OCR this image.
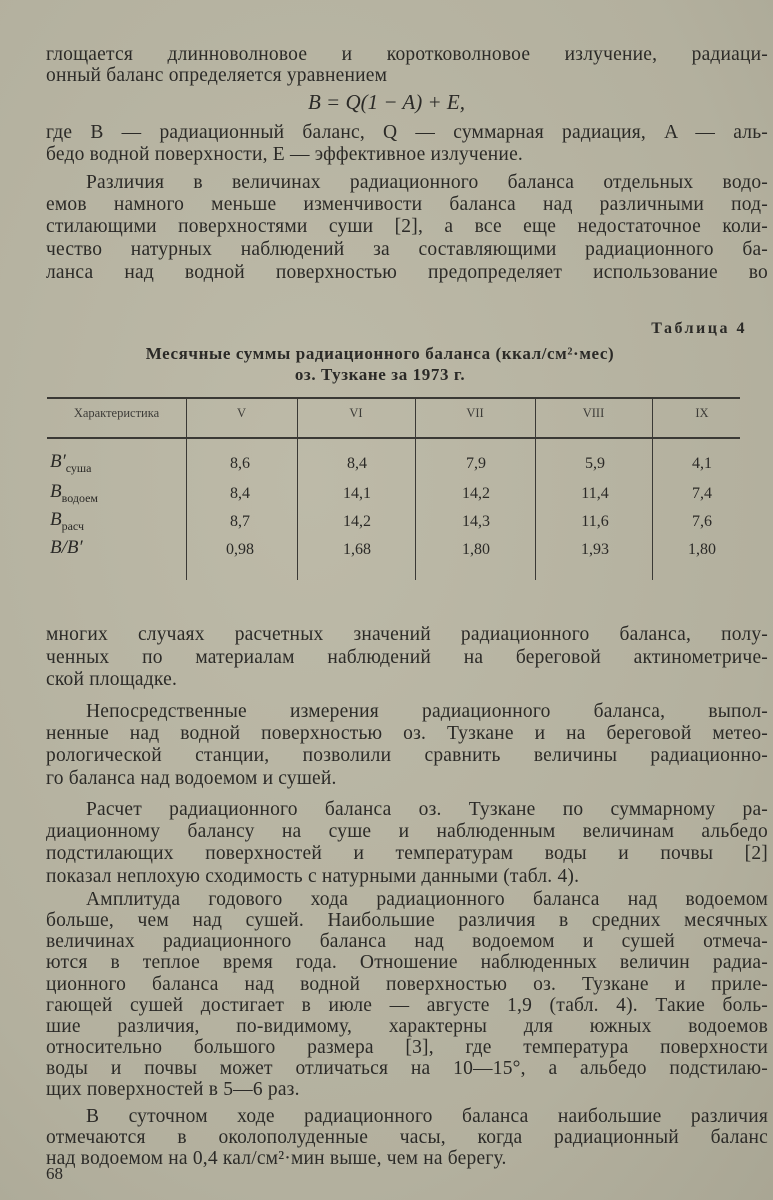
глощается длинноволновое и коротковолновое излучение, радиаци-
онный баланс определяется уравнением
где B — радиационный баланс, Q — суммарная радиация, A — аль-
бедо водной поверхности, E — эффективное излучение.
Различия в величинах радиационного баланса отдельных водо-
емов намного меньше изменчивости баланса над различными под-
стилающими поверхностями суши [2], а все еще недостаточное коли-
чество натурных наблюдений за составляющими радиационного ба-
ланса над водной поверхностью предопределяет использование во
многих случаях расчетных значений радиационного баланса, полу-
ченных по материалам наблюдений на береговой актинометриче-
ской площадке.
Непосредственные измерения радиационного баланса, выпол-
ненные над водной поверхностью оз. Тузкане и на береговой метео-
рологической станции, позволили сравнить величины радиационно-
го баланса над водоемом и сушей.
Расчет радиационного баланса оз. Тузкане по суммарному ра-
диационному балансу на суше и наблюденным величинам альбедо
подстилающих поверхностей и температурам воды и почвы [2]
показал неплохую сходимость с натурными данными (табл. 4).
Амплитуда годового хода радиационного баланса над водоемом
больше, чем над сушей. Наибольшие различия в средних месячных
величинах радиационного баланса над водоемом и сушей отмеча-
ются в теплое время года. Отношение наблюденных величин радиа-
ционного баланса над водной поверхностью оз. Тузкане и приле-
гающей сушей достигает в июле — августе 1,9 (табл. 4). Такие боль-
шие различия, по-видимому, характерны для южных водоемов
относительно большого размера [3], где температура поверхности
воды и почвы может отличаться на 10—15°, а альбедо подстилаю-
щих поверхностей в 5—6 раз.
В суточном ходе радиационного баланса наибольшие различия
отмечаются в околополуденные часы, когда радиационный баланс
над водоемом на 0,4 кал/см²·мин выше, чем на берегу.
B = Q(1 − A) + E,
Таблица 4
Месячные суммы радиационного баланса (ккал/см²·мес)
оз. Тузкане за 1973 г.
Характеристика	V	VI	VII	VIII	IX
$B'_{суша}$	8,6	8,4	7,9	5,9	4,1
$B_{водоем}$	8,4	14,1	14,2	11,4	7,4
$B_{расч}$	8,7	14,2	14,3	11,6	7,6
B/B′	0,98	1,68	1,80	1,93	1,80
68
